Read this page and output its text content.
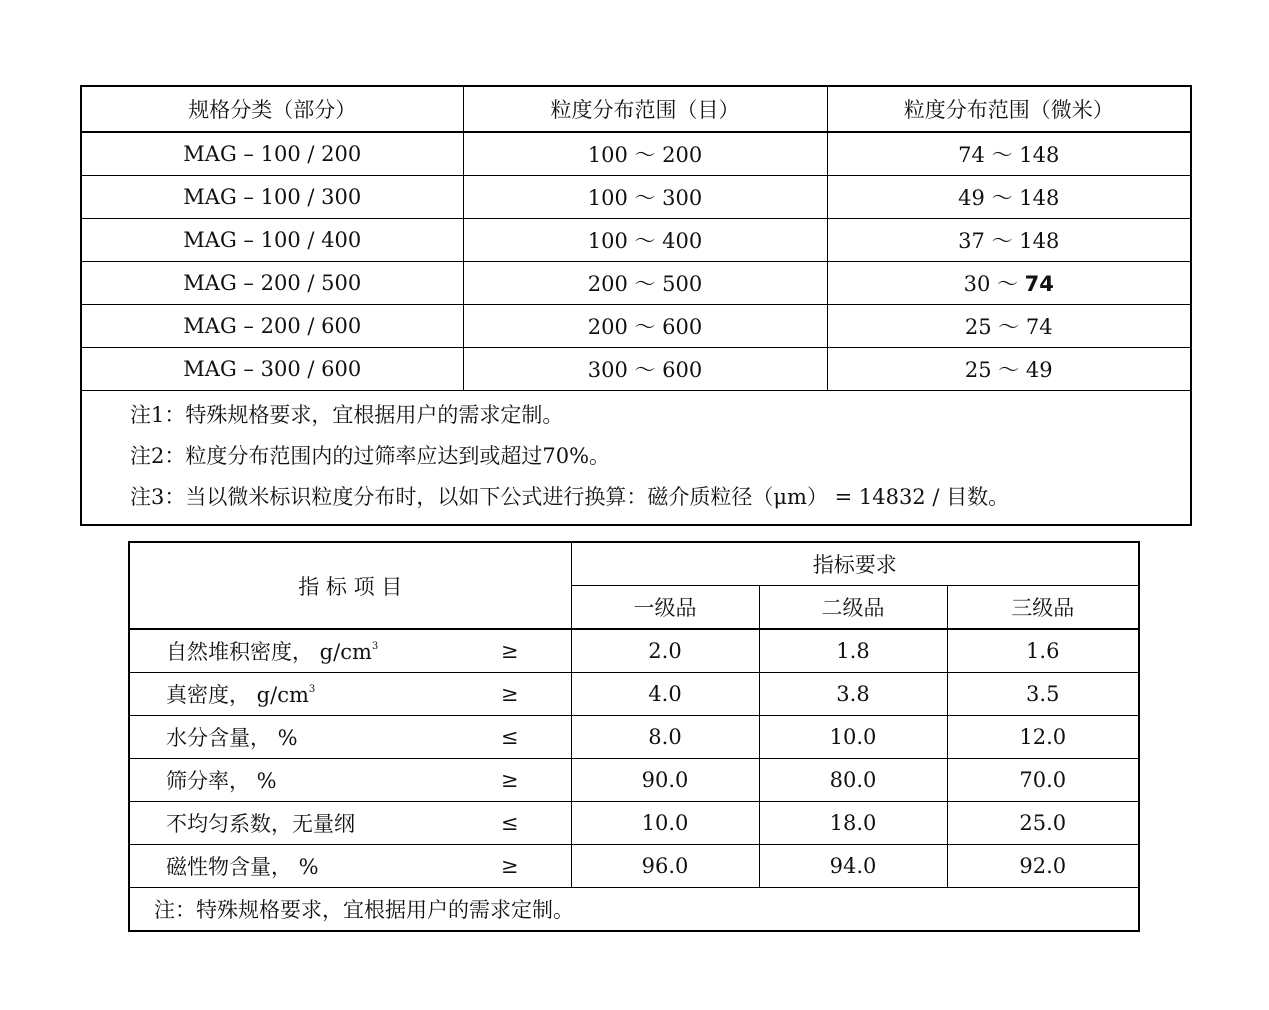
规格分类（部分）	粒度分布范围（目）	粒度分布范围（微米）
MAG – 100 / 200	100 ～ 200	74 ～ 148
MAG – 100 / 300	100 ～ 300	49 ～ 148
MAG – 100 / 400	100 ～ 400	37 ～ 148
MAG – 200 / 500	200 ～ 500	30 ～ 74
MAG – 200 / 600	200 ～ 600	25 ～ 74
MAG – 300 / 600	300 ～ 600	25 ～ 49

注1：特殊规格要求，宜根据用户的需求定制。
注2：粒度分布范围内的过筛率应达到或超过70%。
注3：当以微米标识粒度分布时，以如下公式进行换算：磁介质粒径（μm） = 14832 / 目数。		
指 标 项 目	指标要求		
	一级品	二级品	三级品
自然堆积密度， $g/cm^3$ ≥	2.0	1.8	1.6
真密度， $g/cm^3$ ≥	4.0	3.8	3.5
水分含量， % ≤	8.0	10.0	12.0
筛分率， % ≥	90.0	80.0	70.0
不均匀系数，无量纲 ≤	10.0	18.0	25.0
磁性物含量， % ≥	96.0	94.0	92.0
注：特殊规格要求，宜根据用户的需求定制。			
